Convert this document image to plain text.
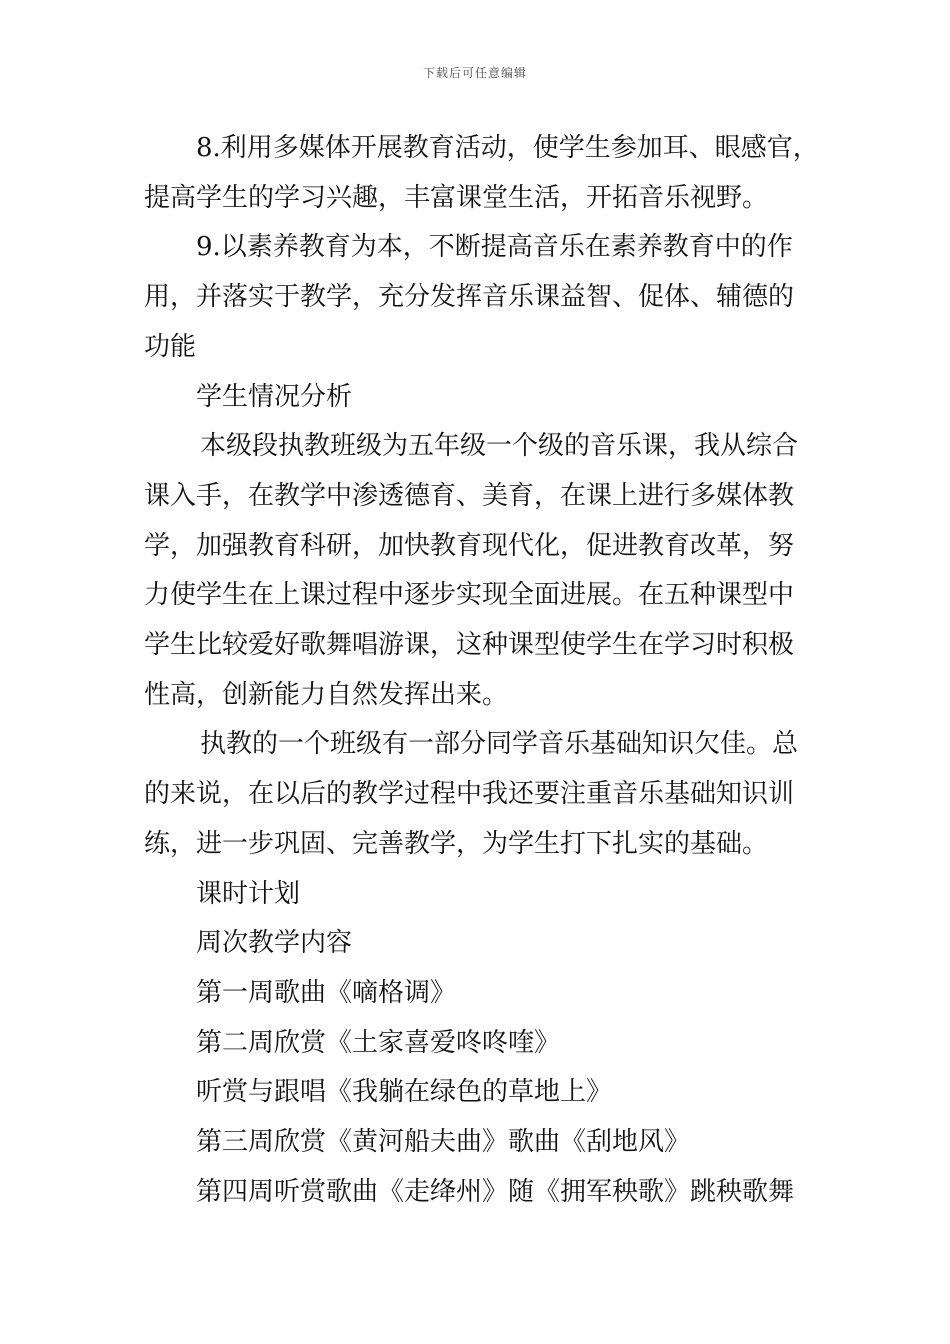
下载后可任意编辑
8.利用多媒体开展教育活动，使学生参加耳、眼感官，
提高学生的学习兴趣，丰富课堂生活，开拓音乐视野。
9.以素养教育为本，不断提高音乐在素养教育中的作
用，并落实于教学，充分发挥音乐课益智、促体、辅德的
功能
学生情况分析
本级段执教班级为五年级一个级的音乐课，我从综合
课入手，在教学中渗透德育、美育，在课上进行多媒体教
学，加强教育科研，加快教育现代化，促进教育改革，努
力使学生在上课过程中逐步实现全面进展。在五种课型中
学生比较爱好歌舞唱游课，这种课型使学生在学习时积极
性高，创新能力自然发挥出来。
执教的一个班级有一部分同学音乐基础知识欠佳。总
的来说，在以后的教学过程中我还要注重音乐基础知识训
练，进一步巩固、完善教学，为学生打下扎实的基础。
课时计划
周次教学内容
第一周歌曲《嘀格调》
第二周欣赏《土家喜爱咚咚喹》
听赏与跟唱《我躺在绿色的草地上》
第三周欣赏《黄河船夫曲》歌曲《刮地风》
第四周听赏歌曲《走绛州》随《拥军秧歌》跳秧歌舞
